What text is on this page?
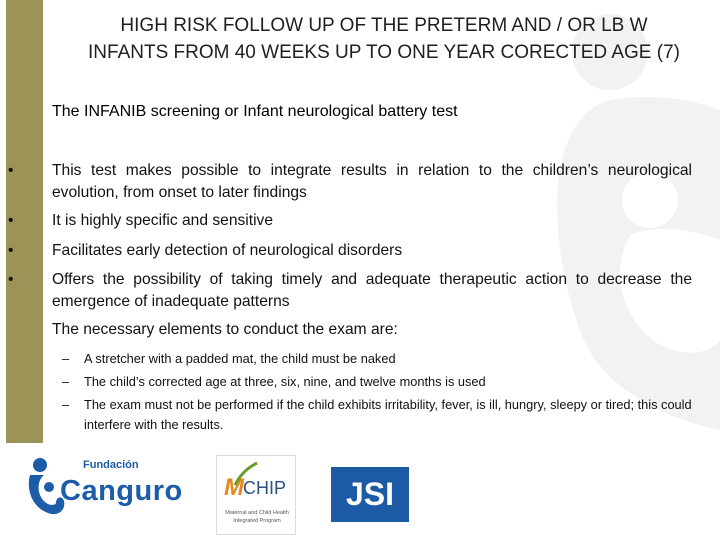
HIGH RISK FOLLOW UP OF THE PRETERM AND / OR LB W
INFANTS FROM 40 WEEKS UP TO ONE YEAR CORECTED AGE (7)
The INFANIB screening or Infant neurological battery test
•	This test makes possible to integrate results in relation to the children’s neurological evolution, from onset to later findings
•	It is highly specific and sensitive
•	Facilitates early detection of neurological disorders
•	Offers the possibility of taking timely and adequate therapeutic action to decrease the emergence of inadequate patterns
The necessary elements to conduct the exam are:
– A stretcher with a padded mat, the child must be naked
– The child’s corrected age at three, six, nine, and twelve months is used
– The exam must not be performed if the child exhibits irritability, fever, is ill, hungry, sleepy or tired; this could interfere with the results.
Fundación
Canguro M CHIP
Maternal and Child Health
Integrated Program
JSI
